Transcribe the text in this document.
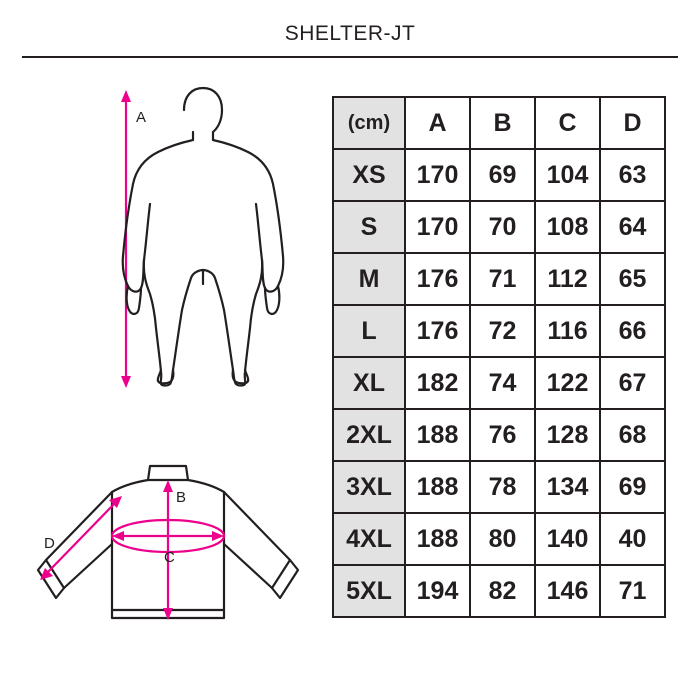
SHELTER-JT
A
B
C
D
(cm)	A	B	C	D
XS	170	69	104	63
S	170	70	108	64
M	176	71	112	65
L	176	72	116	66
XL	182	74	122	67
2XL	188	76	128	68
3XL	188	78	134	69
4XL	188	80	140	40
5XL	194	82	146	71
